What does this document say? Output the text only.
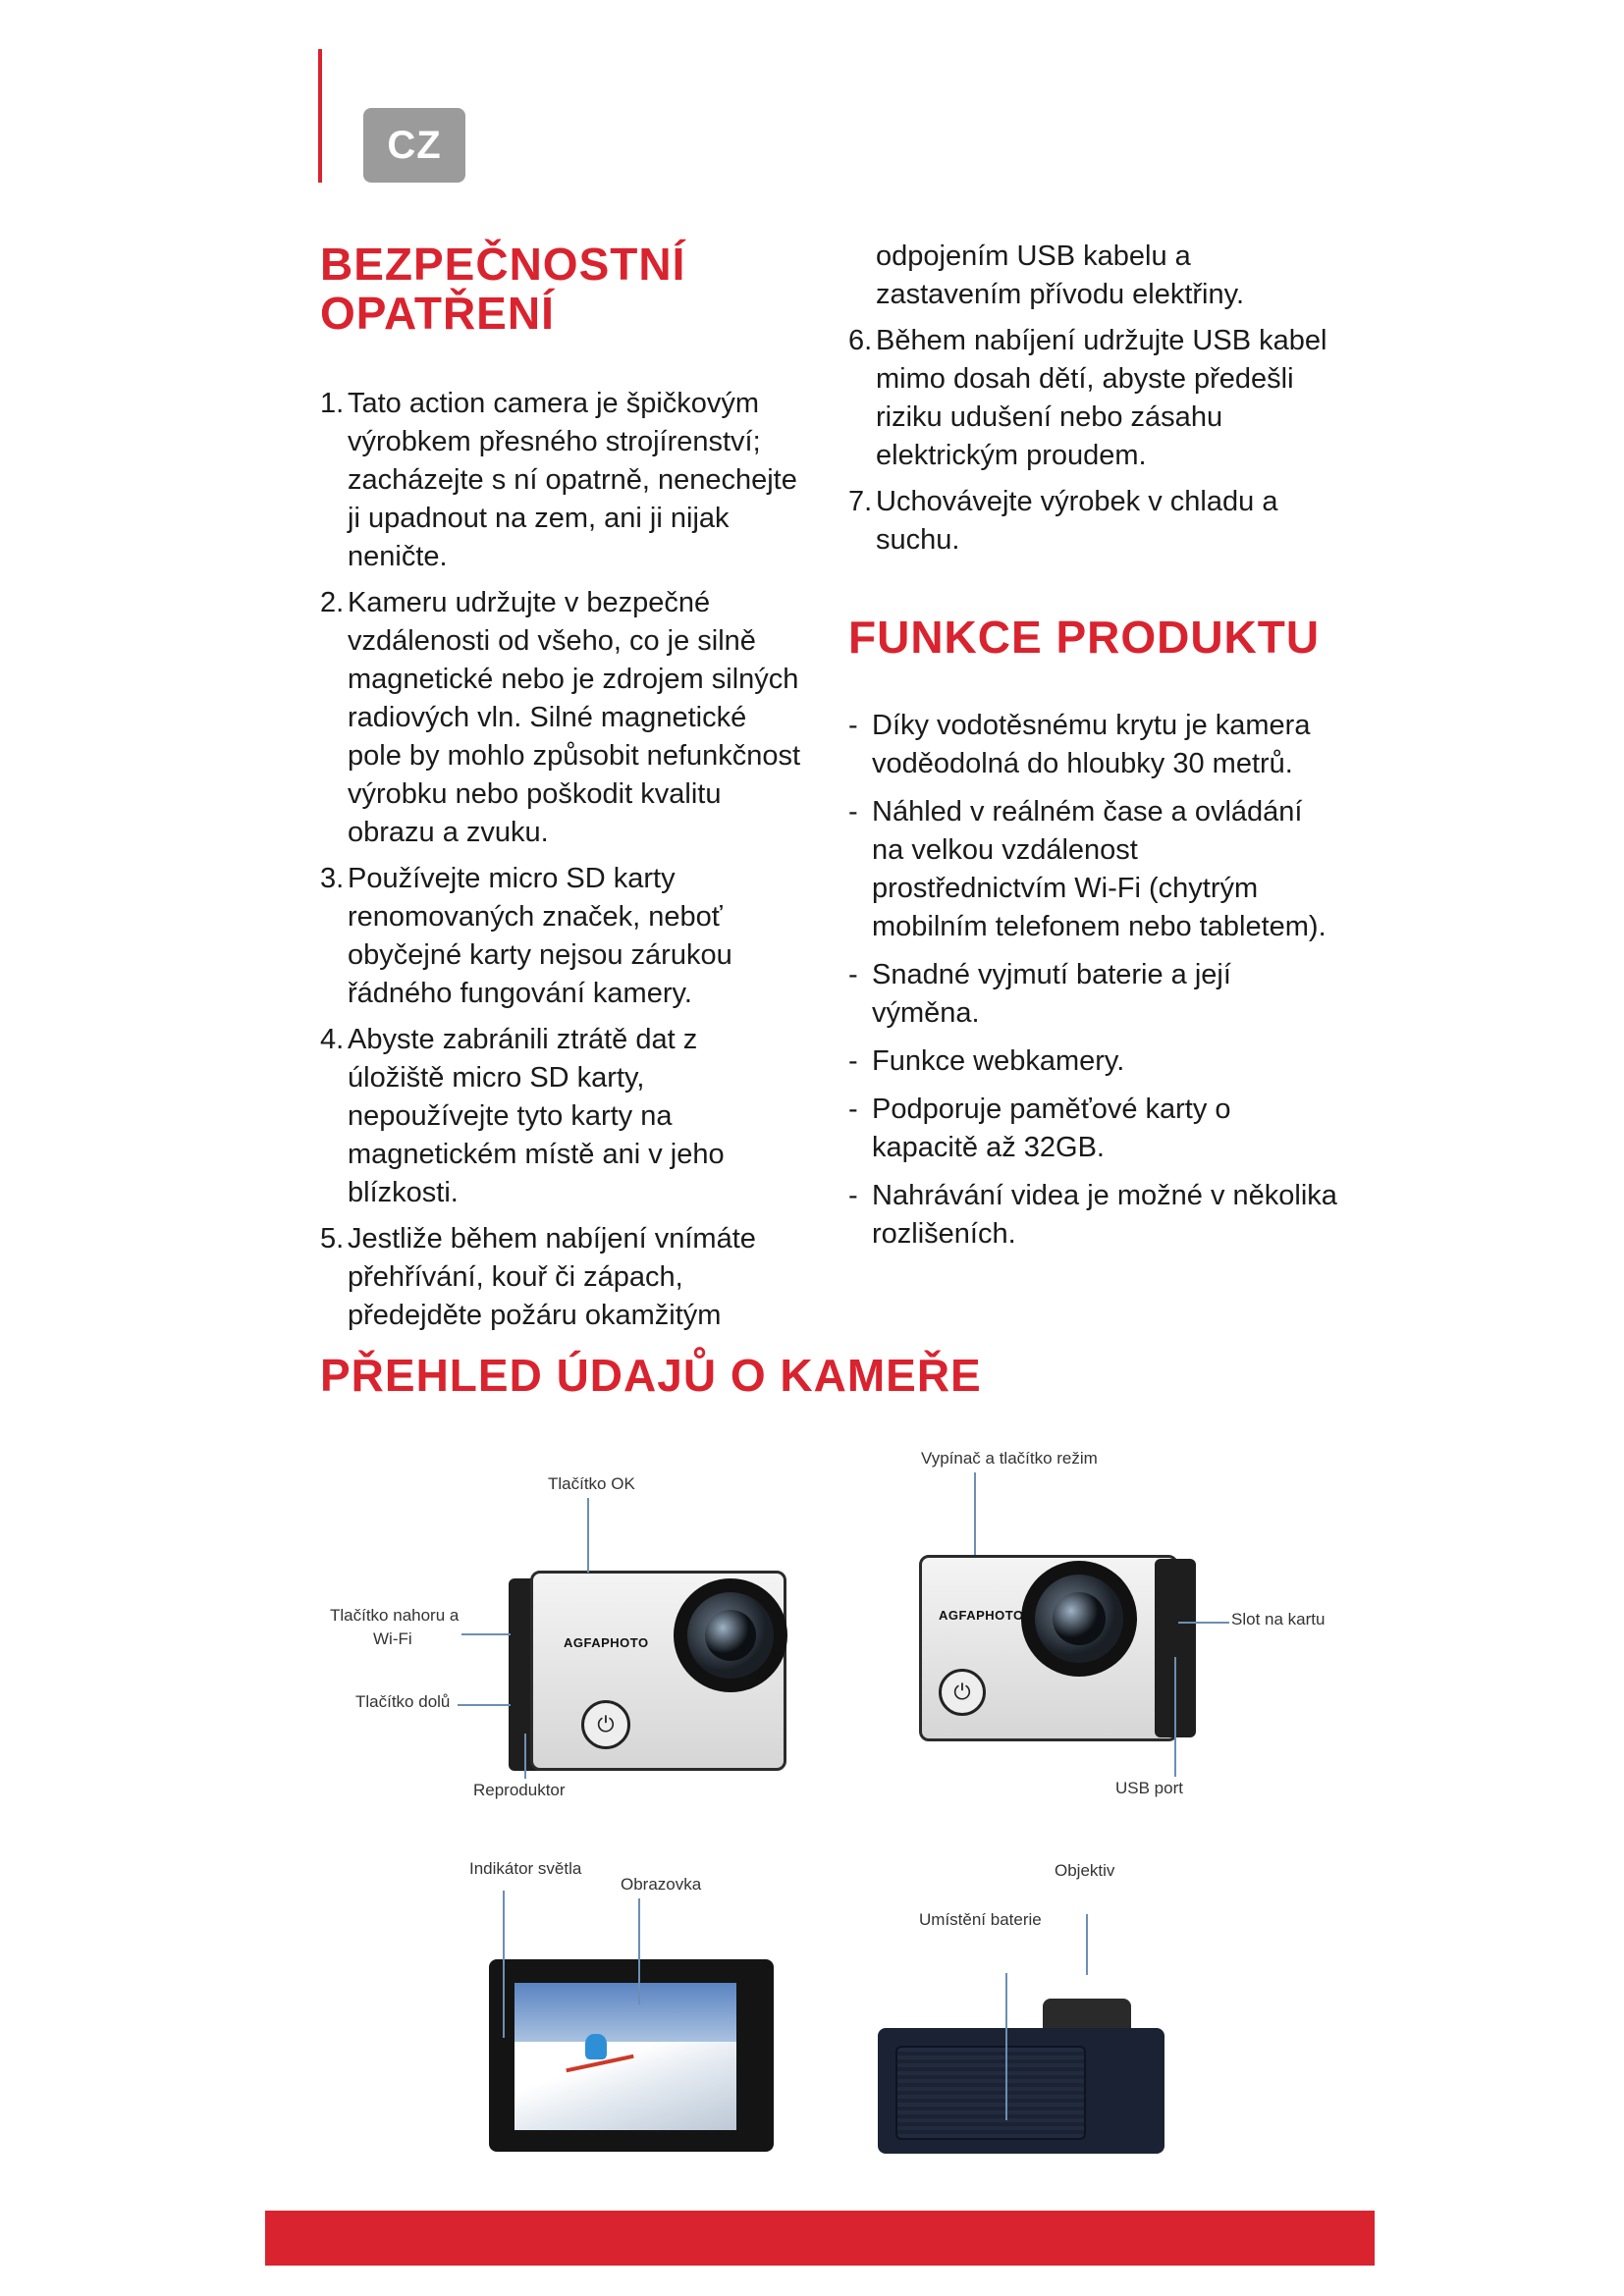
CZ
BEZPEČNOSTNÍ
OPATŘENÍ
1. Tato action camera je špičkovým výrobkem přesného strojírenství; zacházejte s ní opatrně, nenechejte ji upadnout na zem, ani ji nijak neničte.
2. Kameru udržujte v bezpečné vzdálenosti od všeho, co je silně magnetické nebo je zdrojem silných radiových vln. Silné magnetické pole by mohlo způsobit nefunkčnost výrobku nebo poškodit kvalitu obrazu a zvuku.
3. Používejte micro SD karty renomovaných značek, neboť obyčejné karty nejsou zárukou řádného fungování kamery.
4. Abyste zabránili ztrátě dat z úložiště micro SD karty, nepoužívejte tyto karty na magnetickém místě ani v jeho blízkosti.
5. Jestliže během nabíjení vnímáte přehřívání, kouř či zápach, předejděte požáru okamžitým
odpojením USB kabelu a zastavením přívodu elektřiny.
6. Během nabíjení udržujte USB kabel mimo dosah dětí, abyste předešli riziku udušení nebo zásahu elektrickým proudem.
7. Uchovávejte výrobek v chladu a suchu.
FUNKCE PRODUKTU
- Díky vodotěsnému krytu je kamera voděodolná do hloubky 30 metrů.
- Náhled v reálném čase a ovládání na velkou vzdálenost prostřednictvím Wi-Fi (chytrým mobilním telefonem nebo tabletem).
- Snadné vyjmutí baterie a její výměna.
- Funkce webkamery.
- Podporuje paměťové karty o kapacitě až 32GB.
- Nahrávání videa je možné v několika rozlišeních.
PŘEHLED ÚDAJŮ O KAMEŘE
AGFAPHOTO
⏻
Tlačítko OK
Tlačítko nahoru a
Wi-Fi
Tlačítko dolů
Reproduktor
AGFAPHOTO
⏻
Vypínač a tlačítko režim
Slot na kartu
USB port
Indikátor světla
Obrazovka
Objektiv
Umístění baterie
